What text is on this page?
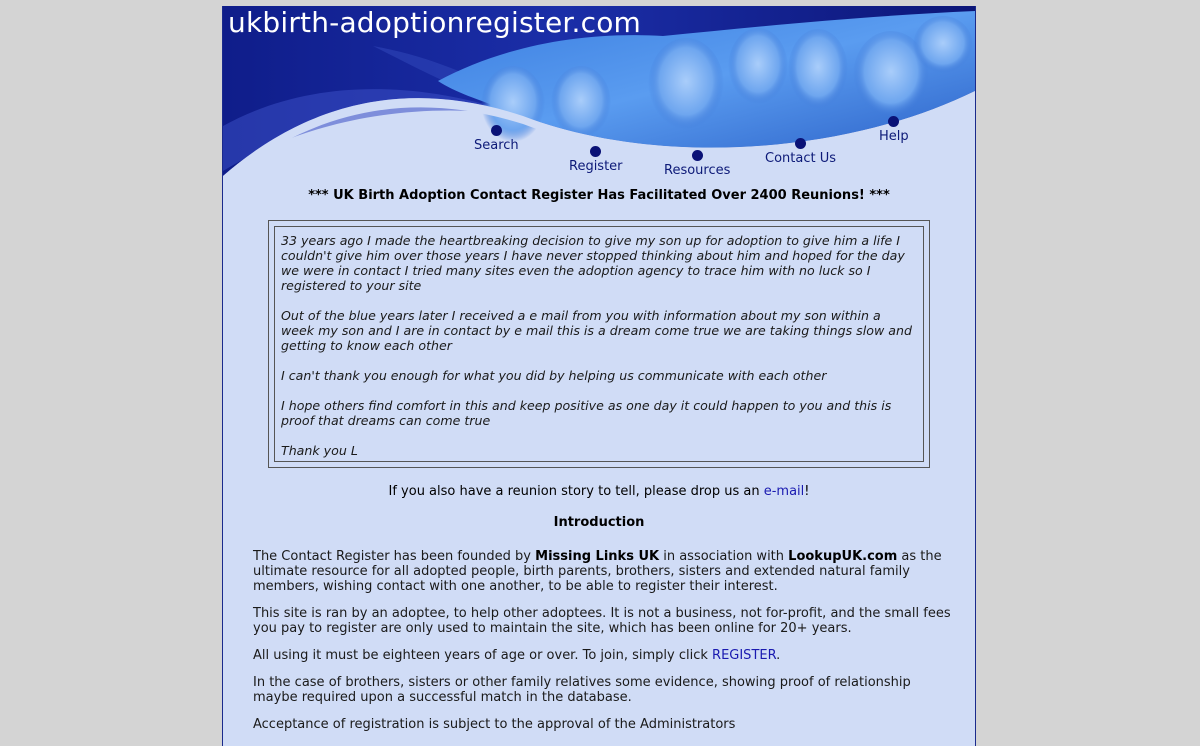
ukbirth-adoptionregister.com
Search
Register	Resources
Contact Us
Help
*** UK Birth Adoption Contact Register Has Facilitated Over 2400 Reunions! ***

33 years ago I made the heartbreaking decision to give my son up for adoption to give him a life I couldn't give him over those years I have never stopped thinking about him and hoped for the day we were in contact I tried many sites even the adoption agency to trace him with no luck so I registered to your site

Out of the blue years later I received a e mail from you with information about my son within a week my son and I are in contact by e mail this is a dream come true we are taking things slow and getting to know each other

I can't thank you enough for what you did by helping us communicate with each other

I hope others find comfort in this and keep positive as one day it could happen to you and this is proof that dreams can come true

Thank you L

If you also have a reunion story to tell, please drop us an e-mail!
Introduction

The Contact Register has been founded by Missing Links UK in association with LookupUK.com as the ultimate resource for all adopted people, birth parents, brothers, sisters and extended natural family members, wishing contact with one another, to be able to register their interest.

This site is ran by an adoptee, to help other adoptees. It is not a business, not for-profit, and the small fees you pay to register are only used to maintain the site, which has been online for 20+ years.

All using it must be eighteen years of age or over. To join, simply click REGISTER.

In the case of brothers, sisters or other family relatives some evidence, showing proof of relationship maybe required upon a successful match in the database.

Acceptance of registration is subject to the approval of the Administrators
